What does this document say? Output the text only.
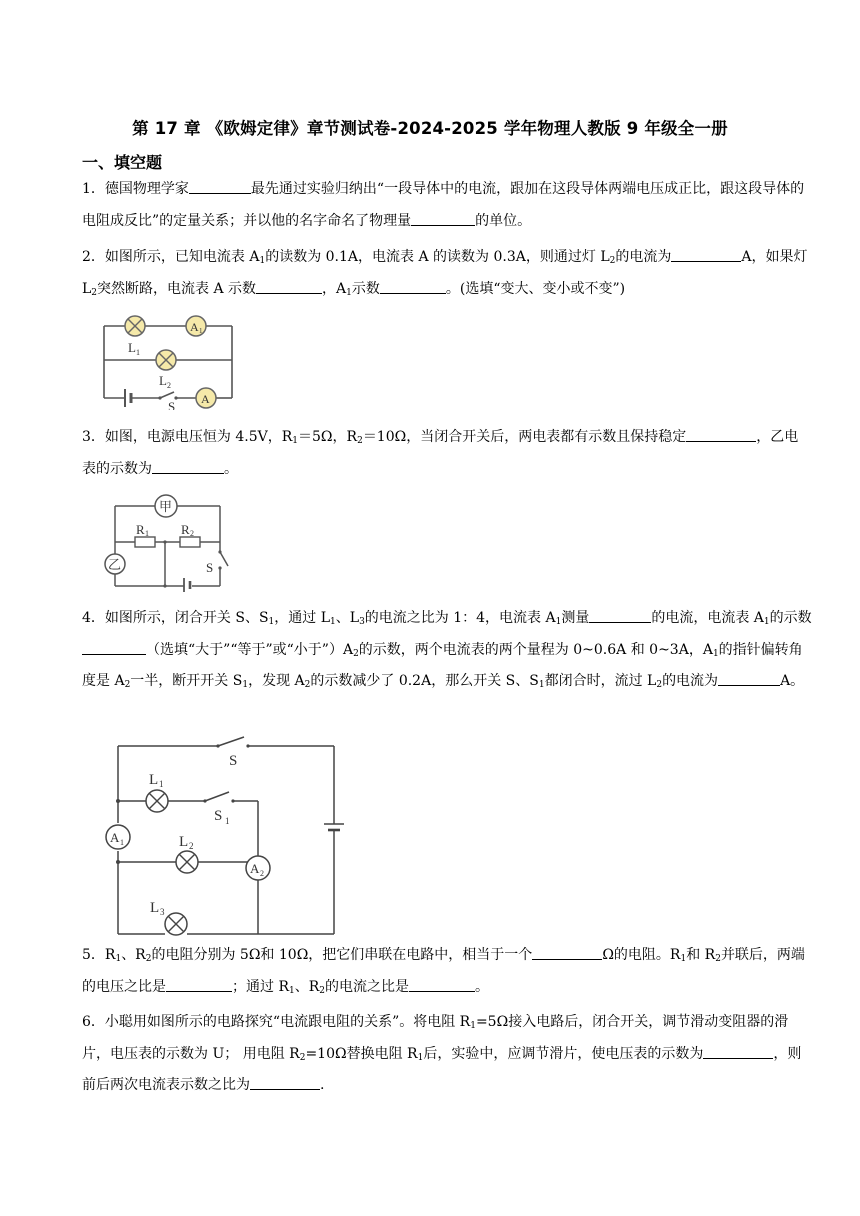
第 17 章 《欧姆定律》章节测试卷-2024-2025 学年物理人教版 9 年级全一册
一、填空题
1．德国物理学家	最先通过实验归纳出“一段导体中的电流，跟加在这段导体两端电压成正比，跟这段导体的电阻成反比”的定量关系；并以他的名字命名了物理量	的单位。
2．如图所示，已知电流表 $A_1$的读数为 0.1A，电流表 A 的读数为 0.3A，则通过灯 $L_2$的电流为	A，如果灯 $L_2$突然断路，电流表 A 示数	，$A_1$示数	。(选填“变大、变小或不变”)
A 1
A
L 1
L 2
S
3．如图，电源电压恒为 4.5V，$R_1=5\Omega$，$R_2=10\Omega$，当闭合开关后，两电表都有示数且保持稳定	，乙电表的示数为	。
甲
乙
R 1 R 2
S
4．如图所示，闭合开关 S、$S_1$，通过 $L_1$、$L_3$的电流之比为 1：4，电流表 $A_1$测量	的电流，电流表 $A_1$的示数（选填“大于”“等于”或“小于$”)A_2$的示数，两个电流表的两个量程为 0~0.6A 和 0~3A，$A_1$的指针偏转角度是 $A_2$一半，断开开关 $S_1$，发现 $A_2$的示数减少了 0.2A，那么开关 S、$S_1$都闭合时，流过 $L_2$的电流为	A。
A 1
A 2
S
S 1
L 1
L 2
L 3
5．$R_1$、$R_2$的电阻分别为 5Ω和 10Ω，把它们串联在电路中，相当于一个	Ω的电阻。$R_1$和 $R_2$并联后，两端的电压之比是	；通过 $R_1$、$R_2$的电流之比是	。
6．小聪用如图所示的电路探究“电流跟电阻的关系”。将电阻 $R_1=5\Omega$接入电路后，闭合开关，调节滑动变阻器的滑片，电压表的示数为 U； 用电阻 $R_2=10\Omega$替换电阻 $R_1$后，实验中，应调节滑片，使电压表的示数为	，则前后两次电流表示数之比为	.
